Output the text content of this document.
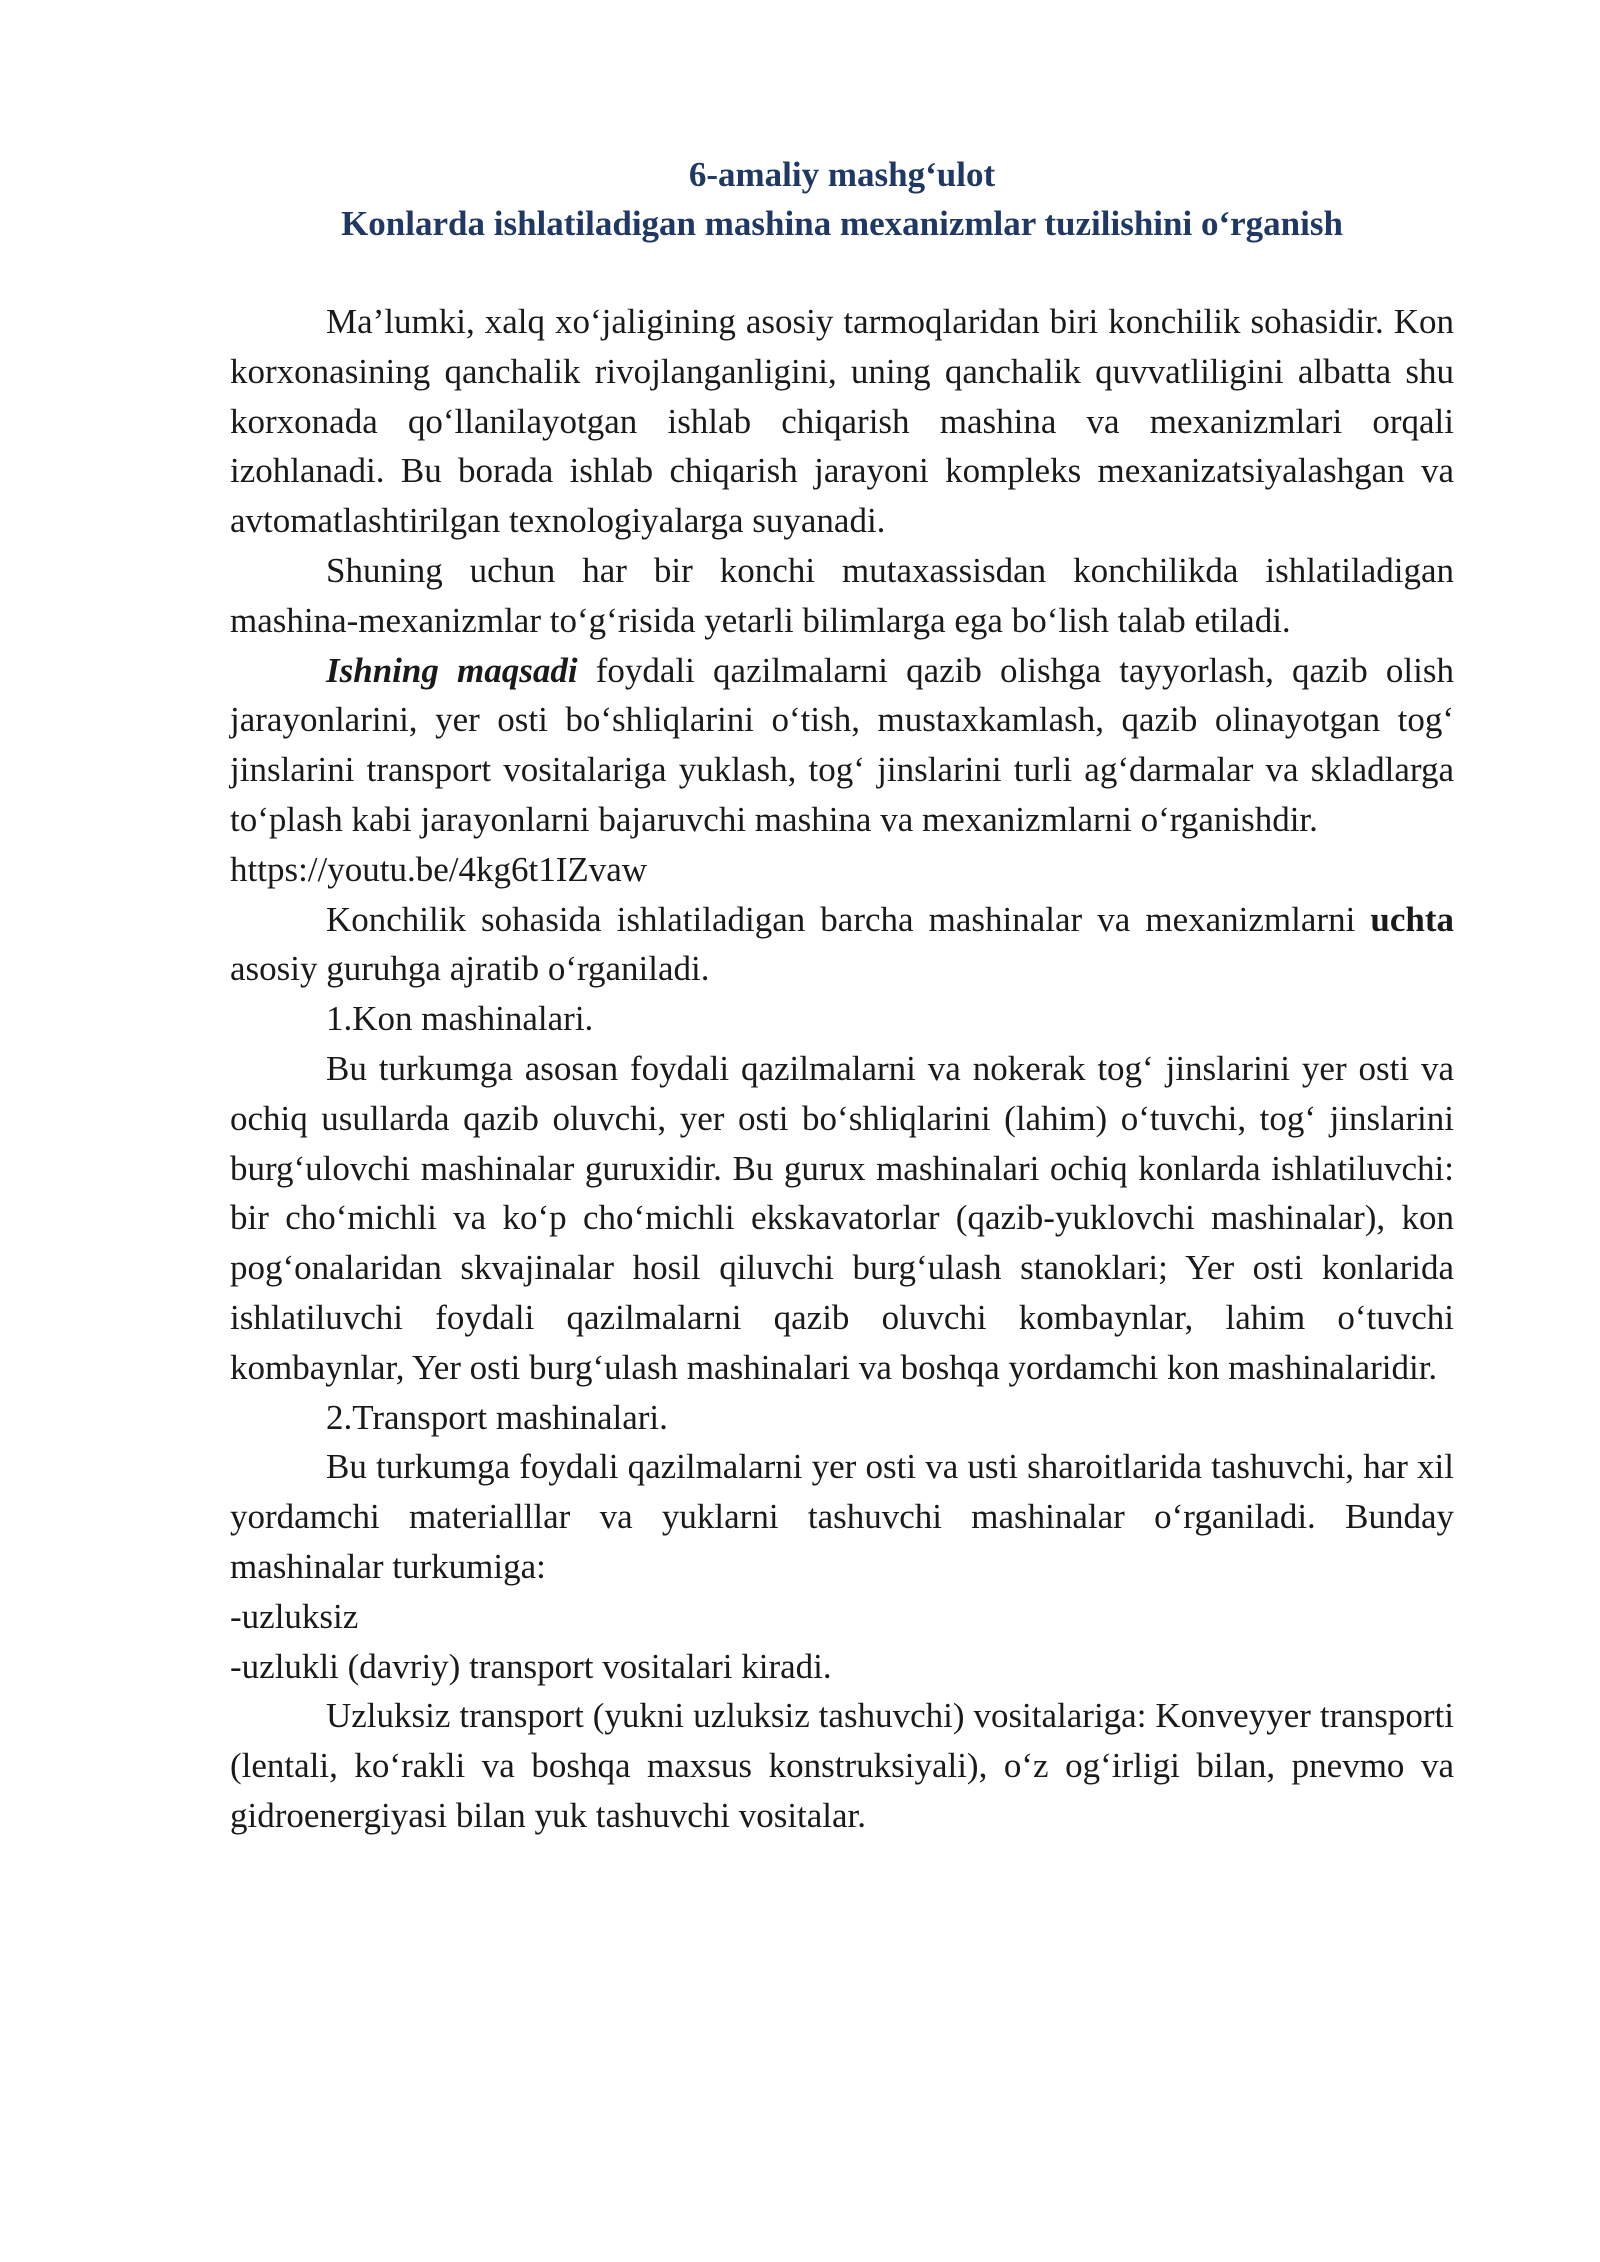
6-amaliy mashg‘ulot
Konlarda ishlatiladigan mashina mexanizmlar tuzilishini o‘rganish

Ma’lumki, xalq xo‘jaligining asosiy tarmoqlaridan biri konchilik sohasidir. Kon korxonasining qanchalik rivojlanganligini, uning qanchalik quvvatliligini albatta shu korxonada qo‘llanilayotgan ishlab chiqarish mashina va mexanizmlari orqali izohlanadi. Bu borada ishlab chiqarish jarayoni kompleks mexanizatsiyalashgan va avtomatlashtirilgan texnologiyalarga suyanadi.

Shuning uchun har bir konchi mutaxassisdan konchilikda ishlatiladigan mashina-mexanizmlar to‘g‘risida yetarli bilimlarga ega bo‘lish talab etiladi.

Ishning maqsadi foydali qazilmalarni qazib olishga tayyorlash, qazib olish jarayonlarini, yer osti bo‘shliqlarini o‘tish, mustaxkamlash, qazib olinayotgan tog‘ jinslarini transport vositalariga yuklash, tog‘ jinslarini turli ag‘darmalar va skladlarga to‘plash kabi jarayonlarni bajaruvchi mashina va mexanizmlarni o‘rganishdir.

https://youtu.be/4kg6t1IZvaw

Konchilik sohasida ishlatiladigan barcha mashinalar va mexanizmlarni uchta asosiy guruhga ajratib o‘rganiladi.

1.Kon mashinalari.

Bu turkumga asosan foydali qazilmalarni va nokerak tog‘ jinslarini yer osti va ochiq usullarda qazib oluvchi, yer osti bo‘shliqlarini (lahim) o‘tuvchi, tog‘ jinslarini burg‘ulovchi mashinalar guruxidir. Bu gurux mashinalari ochiq konlarda ishlatiluvchi: bir cho‘michli va ko‘p cho‘michli ekskavatorlar (qazib-yuklovchi mashinalar), kon pog‘onalaridan skvajinalar hosil qiluvchi burg‘ulash stanoklari; Yer osti konlarida ishlatiluvchi foydali qazilmalarni qazib oluvchi kombaynlar, lahim o‘tuvchi kombaynlar, Yer osti burg‘ulash mashinalari va boshqa yordamchi kon mashinalaridir.

2.Transport mashinalari.

Bu turkumga foydali qazilmalarni yer osti va usti sharoitlarida tashuvchi, har xil yordamchi materialllar va yuklarni tashuvchi mashinalar o‘rganiladi. Bunday mashinalar turkumiga:

-uzluksiz

-uzlukli (davriy) transport vositalari kiradi.

Uzluksiz transport (yukni uzluksiz tashuvchi) vositalariga: Konveyyer transporti (lentali, ko‘rakli va boshqa maxsus konstruksiyali), o‘z og‘irligi bilan, pnevmo va gidroenergiyasi bilan yuk tashuvchi vositalar.
